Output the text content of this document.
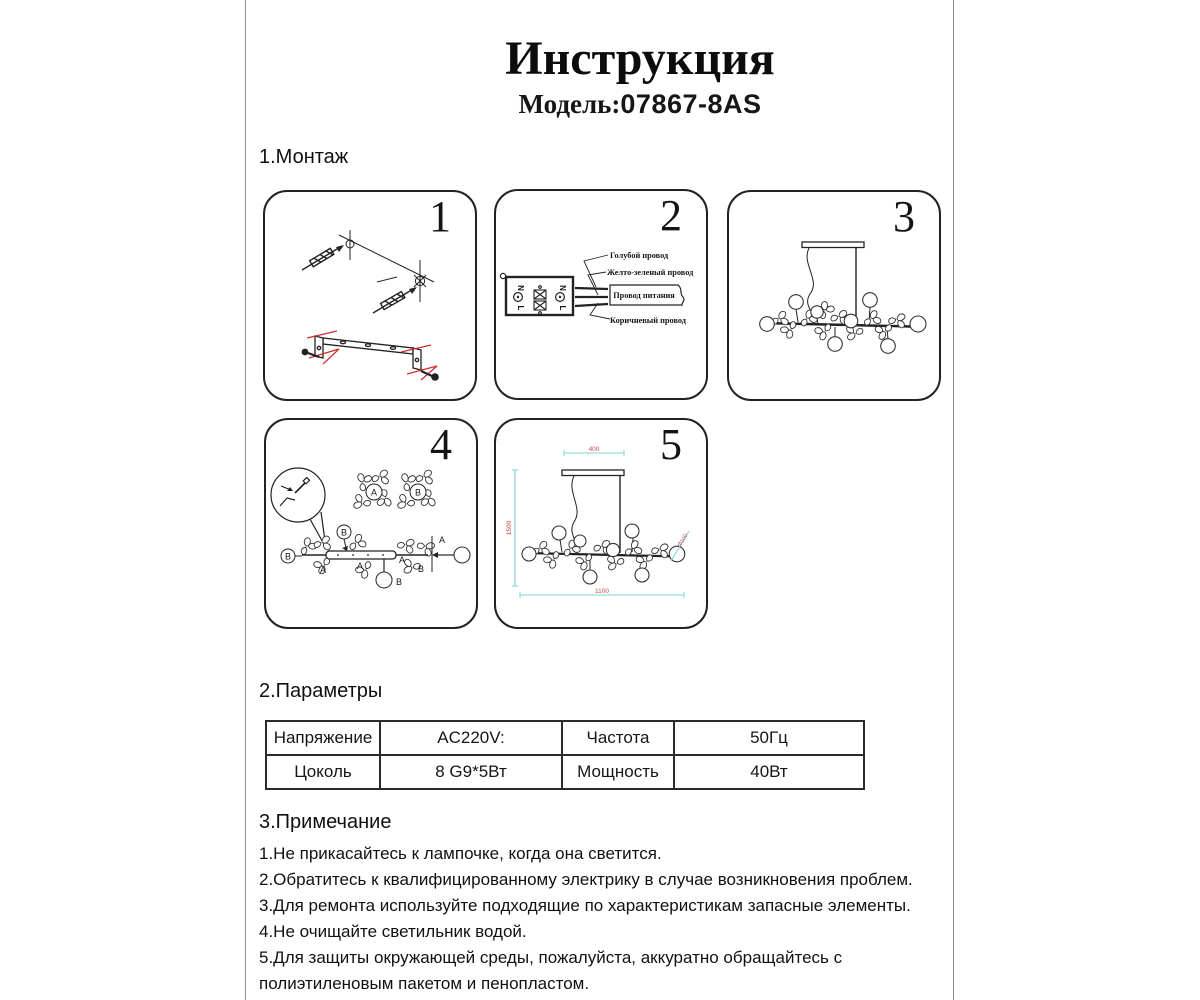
Инструкция
Модель:07867-8AS
1.Монтаж
1
N
L
N
L
Провод питания
Голубой провод
Желто-зеленый провод
Коричневый провод
2	3
A	B
B
B
A	A
A
B
A
B
4	400
1500
1100
Ø100
5
2.Параметры
Напряжение	AC220V:	Частота	50Гц
Цоколь	8 G9*5Вт	Мощность	40Вт
3.Примечание
1.Не прикасайтесь к лампочке, когда она светится.
2.Обратитесь к квалифицированному электрику в случае возникновения проблем.
3.Для ремонта используйте подходящие по характеристикам запасные элементы.
4.Не очищайте светильник водой.
5.Для защиты окружающей среды, пожалуйста, аккуратно обращайтесь с полиэтиленовым пакетом и пенопластом.
